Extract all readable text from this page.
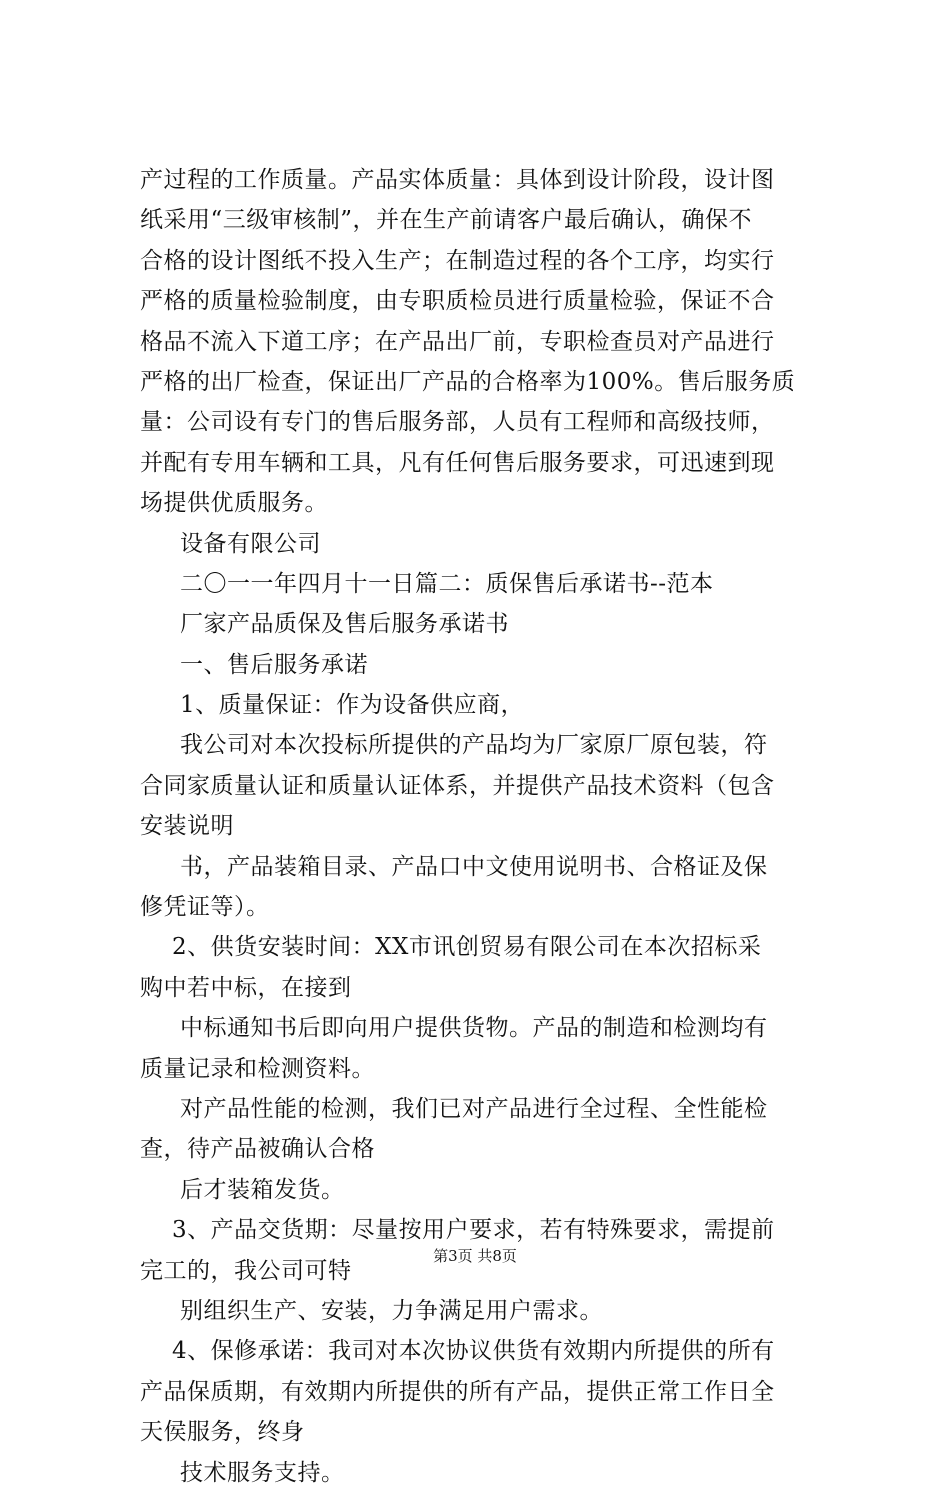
产过程的工作质量。产品实体质量：具体到设计阶段，设计图
纸采用“三级审核制”，并在生产前请客户最后确认，确保不
合格的设计图纸不投入生产；在制造过程的各个工序，均实行
严格的质量检验制度，由专职质检员进行质量检验，保证不合
格品不流入下道工序；在产品出厂前，专职检查员对产品进行
严格的出厂检查，保证出厂产品的合格率为100%。售后服务质
量：公司设有专门的售后服务部，人员有工程师和高级技师，
并配有专用车辆和工具，凡有任何售后服务要求，可迅速到现
场提供优质服务。
设备有限公司
二〇一一年四月十一日篇二：质保售后承诺书--范本
厂家产品质保及售后服务承诺书
一、售后服务承诺
1、质量保证：作为设备供应商，
我公司对本次投标所提供的产品均为厂家原厂原包装，符
合同家质量认证和质量认证体系，并提供产品技术资料（包含
安装说明
书，产品装箱目录、产品口中文使用说明书、合格证及保
修凭证等）。
2、供货安装时间：XX市讯创贸易有限公司在本次招标采
购中若中标，在接到
中标通知书后即向用户提供货物。产品的制造和检测均有
质量记录和检测资料。
对产品性能的检测，我们已对产品进行全过程、全性能检
查，待产品被确认合格
后才装箱发货。
3、产品交货期：尽量按用户要求，若有特殊要求，需提前
完工的，我公司可特
别组织生产、安装，力争满足用户需求。
4、保修承诺：我司对本次协议供货有效期内所提供的所有
产品保质期，有效期内所提供的所有产品，提供正常工作日全
天侯服务，终身
技术服务支持。
第3页 共8页
